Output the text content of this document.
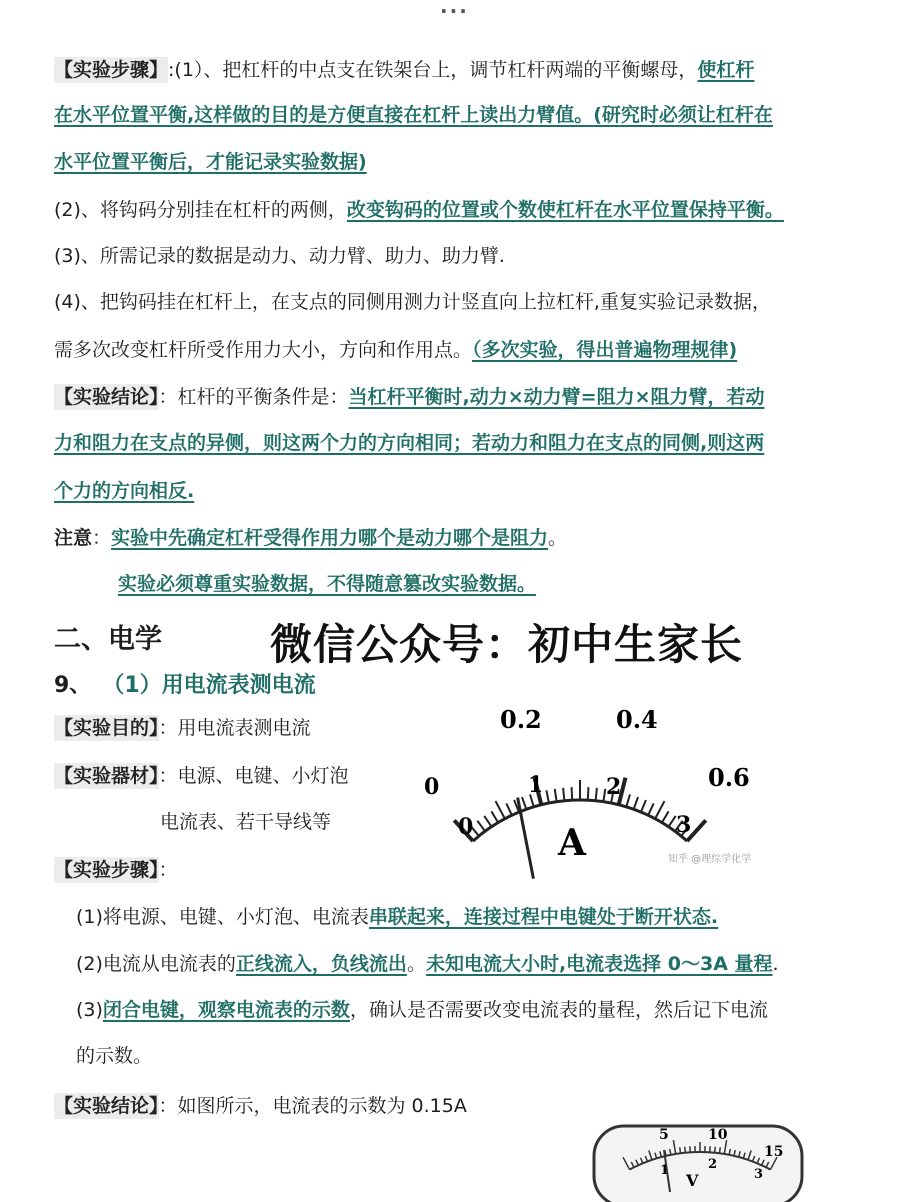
...
【实验步骤】:(1）、把杠杆的中点支在铁架台上，调节杠杆两端的平衡螺母，使杠杆
在水平位置平衡,这样做的目的是方便直接在杠杆上读出力臂值。(研究时必须让杠杆在
水平位置平衡后，才能记录实验数据)
(2)、将钩码分别挂在杠杆的两侧，改变钩码的位置或个数使杠杆在水平位置保持平衡。
(3)、所需记录的数据是动力、动力臂、助力、助力臂.
(4)、把钩码挂在杠杆上，在支点的同侧用测力计竖直向上拉杠杆,重复实验记录数据，
需多次改变杠杆所受作用力大小，方向和作用点。（多次实验，得出普遍物理规律)
【实验结论】：杠杆的平衡条件是：当杠杆平衡时,动力×动力臂=阻力×阻力臂，若动
力和阻力在支点的异侧，则这两个力的方向相同；若动力和阻力在支点的同侧,则这两
个力的方向相反.
注意：实验中先确定杠杆受得作用力哪个是动力哪个是阻力。
实验必须尊重实验数据，不得随意篡改实验数据。
二、电学	微信公众号：初中生家长
9、 （1）用电流表测电流
【实验目的】：用电流表测电流
【实验器材】：电源、电键、小灯泡
电流表、若干导线等
【实验步骤】：
(1)将电源、电键、小灯泡、电流表串联起来，连接过程中电键处于断开状态.
(2)电流从电流表的正线流入，负线流出。未知电流大小时,电流表选择 0～3A 量程.
(3)闭合电键，观察电流表的示数，确认是否需要改变电流表的量程，然后记下电流
的示数。
【实验结论】：如图所示，电流表的示数为 0.15A
0
0.2	0.4
0.6
0
1	2
3
A	知乎 @理综学化学
5	10
15
1	2
3
V
